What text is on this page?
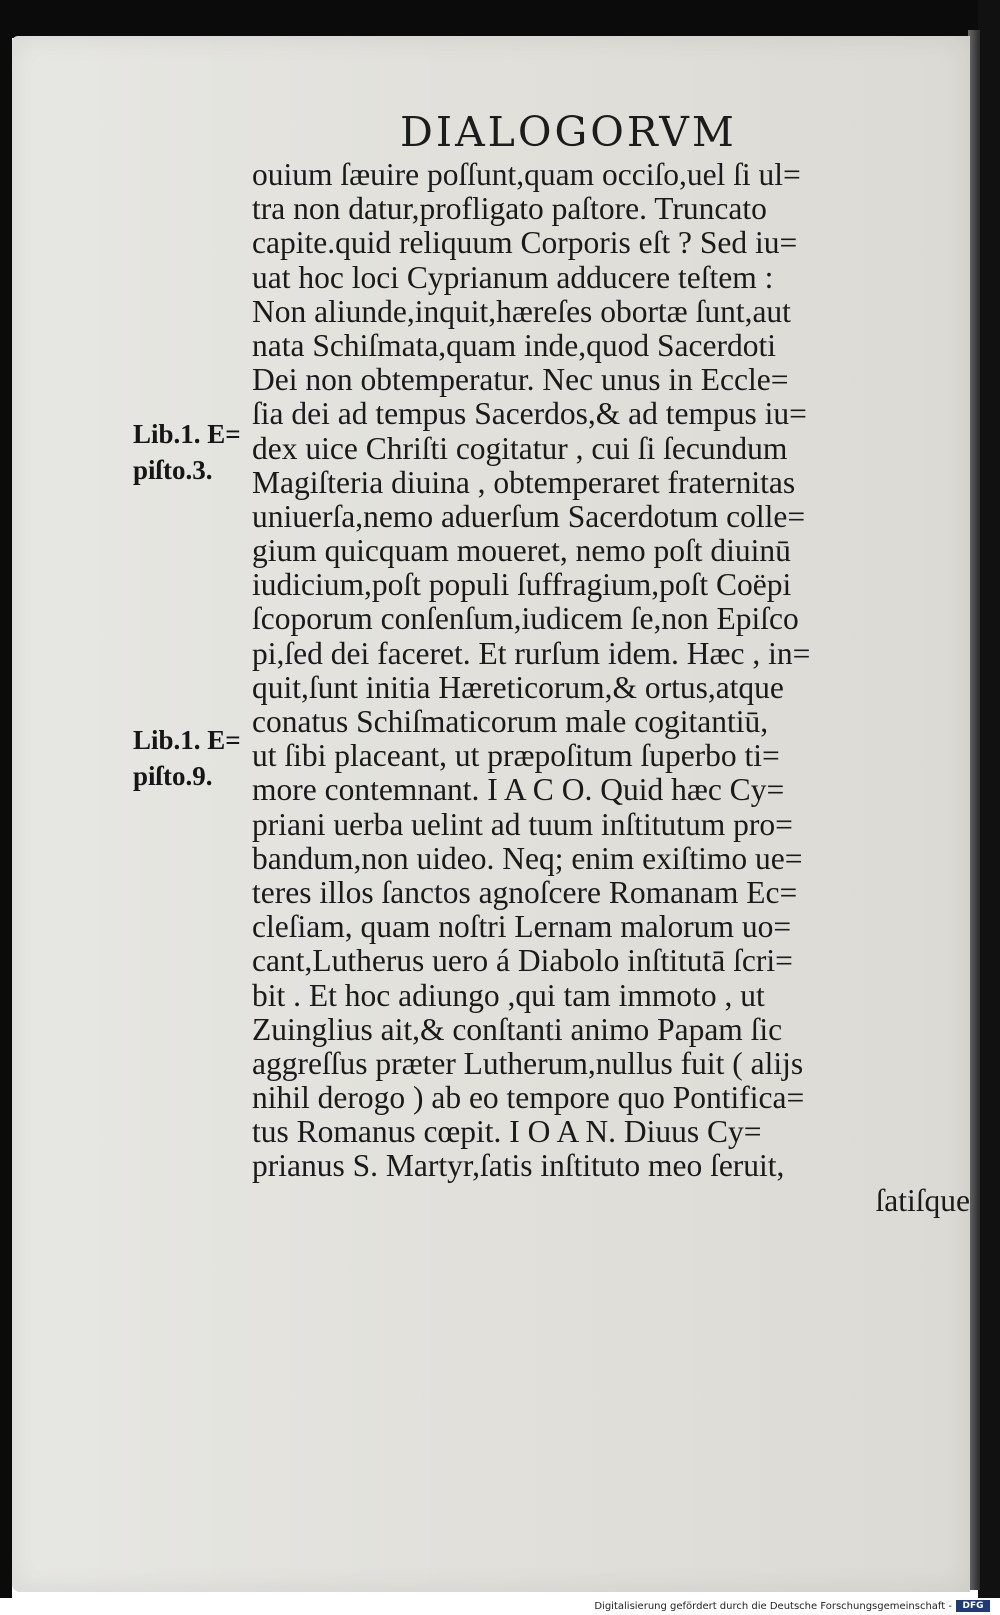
DIALOGORVM
ouium ſæuire poſſunt,quam occiſo,uel ſi ul=
tra non datur,profligato paſtore. Truncato
capite.quid reliquum Corporis eſt ? Sed iu=
uat hoc loci Cyprianum adducere teſtem :
Non aliunde,inquit,hæreſes obortæ ſunt,aut
nata Schiſmata,quam inde,quod Sacerdoti
Dei non obtemperatur. Nec unus in Eccle=
ſia dei ad tempus Sacerdos,& ad tempus iu=
dex uice Chriſti cogitatur , cui ſi ſecundum
Magiſteria diuina , obtemperaret fraternitas
uniuerſa,nemo aduerſum Sacerdotum colle=
gium quicquam moueret, nemo poſt diuinū
iudicium,poſt populi ſuffragium,poſt Coëpi
ſcoporum conſenſum,iudicem ſe,non Epiſco
pi,ſed dei faceret. Et rurſum idem. Hæc , in=
quit,ſunt initia Hæreticorum,& ortus,atque
conatus Schiſmaticorum male cogitantiū,
ut ſibi placeant, ut præpoſitum ſuperbo ti=
more contemnant. I A C O. Quid hæc Cy=
priani uerba uelint ad tuum inſtitutum pro=
bandum,non uideo. Neq; enim exiſtimo ue=
teres illos ſanctos agnoſcere Romanam Ec=
cleſiam, quam noſtri Lernam malorum uo=
cant,Lutherus uero á Diabolo inſtitutā ſcri=
bit . Et hoc adiungo ,qui tam immoto , ut
Zuinglius ait,& conſtanti animo Papam ſic
aggreſſus præter Lutherum,nullus fuit ( alijs
nihil derogo ) ab eo tempore quo Pontifica=
tus Romanus cœpit. I O A N. Diuus Cy=
prianus S. Martyr,ſatis inſtituto meo ſeruit,
ſatiſque
Lib.1. E=
piſto.3.
Lib.1. E=
piſto.9.
Digitalisierung gefördert durch die Deutsche Forschungsgemeinschaft -	DFG
